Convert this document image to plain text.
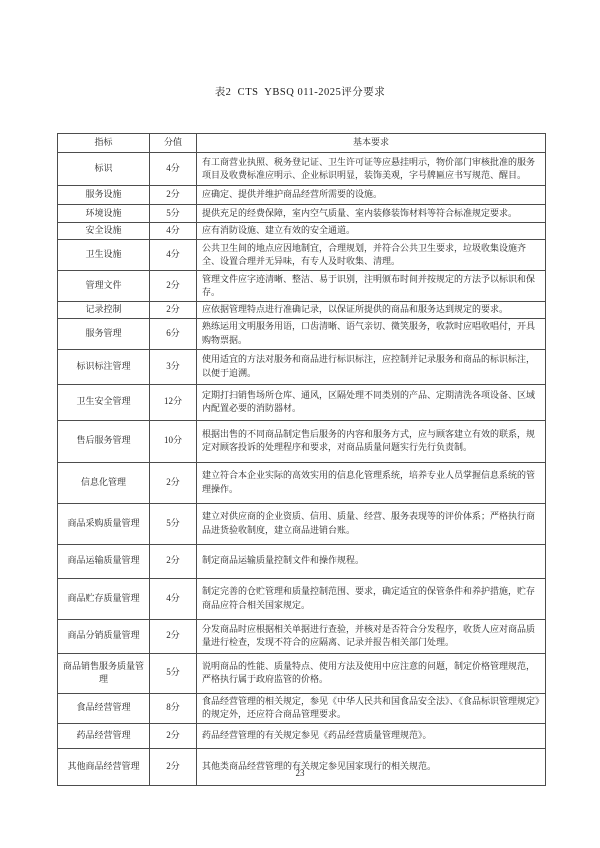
表2  CTS  YBSQ 011-2025评分要求
指标	分值	基本要求
标识	4分	有工商营业执照、税务登记证、卫生许可证等应悬挂明示，物价部门审核批准的服务项目及收费标准应明示、企业标识明显，装饰美观，字号牌匾应书写规范、醒目。
服务设施	2分	应确定、提供并维护商品经营所需要的设施。
环境设施	5分	提供充足的经费保障，室内空气质量、室内装修装饰材料等符合标准规定要求。
安全设施	4分	应有消防设施、建立有效的安全通道。
卫生设施	4分	公共卫生间的地点应因地制宜，合理规划，并符合公共卫生要求，垃圾收集设施齐全、设置合理并无异味，有专人及时收集、清理。
管理文件	2分	管理文件应字迹清晰、整洁、易于识别，注明颁布时间并按规定的方法予以标识和保存。
记录控制	2分	应依据管理特点进行准确记录，以保证所提供的商品和服务达到规定的要求。
服务管理	6分	熟练运用文明服务用语，口齿清晰、语气亲切、微笑服务，收款时应唱收唱付，开具购物票据。
标识标注管理	3分	使用适宜的方法对服务和商品进行标识标注，应控制并记录服务和商品的标识标注，以便于追溯。
卫生安全管理	12分	定期打扫销售场所仓库、通风，区隔处理不同类别的产品、定期清洗各项设备、区域内配置必要的消防器材。
售后服务管理	10分	根据出售的不同商品制定售后服务的内容和服务方式，应与顾客建立有效的联系，规定对顾客投诉的处理程序和要求，对商品质量问题实行先行负责制。
信息化管理	2分	建立符合本企业实际的高效实用的信息化管理系统，培养专业人员掌握信息系统的管理操作。
商品采购质量管理	5分	建立对供应商的企业资质、信用、质量、经营、服务表现等的评价体系；严格执行商品进货验收制度，建立商品进销台账。
商品运输质量管理	2分	制定商品运输质量控制文件和操作规程。
商品贮存质量管理	4分	制定完善的仓贮管理和质量控制范围、要求，确定适宜的保管条件和养护措施，贮存商品应符合相关国家规定。
商品分销质量管理	2分	分发商品时应根据相关单据进行查验，并核对是否符合分发程序，收货人应对商品质量进行检查，发现不符合的应隔离、记录并报告相关部门处理。
商品销售服务质量管理	5分	说明商品的性能、质量特点、使用方法及使用中应注意的问题，制定价格管理规范，严格执行属于政府监管的价格。
食品经营管理	8分	食品经营管理的相关规定，参见《中华人民共和国食品安全法》、《食品标识管理规定》的规定外，还应符合商品管理要求。
药品经营管理	2分	药品经营管理的有关规定参见《药品经营质量管理规范》。
其他商品经营管理	2分	其他类商品经营管理的有关规定参见国家现行的相关规范。
23
